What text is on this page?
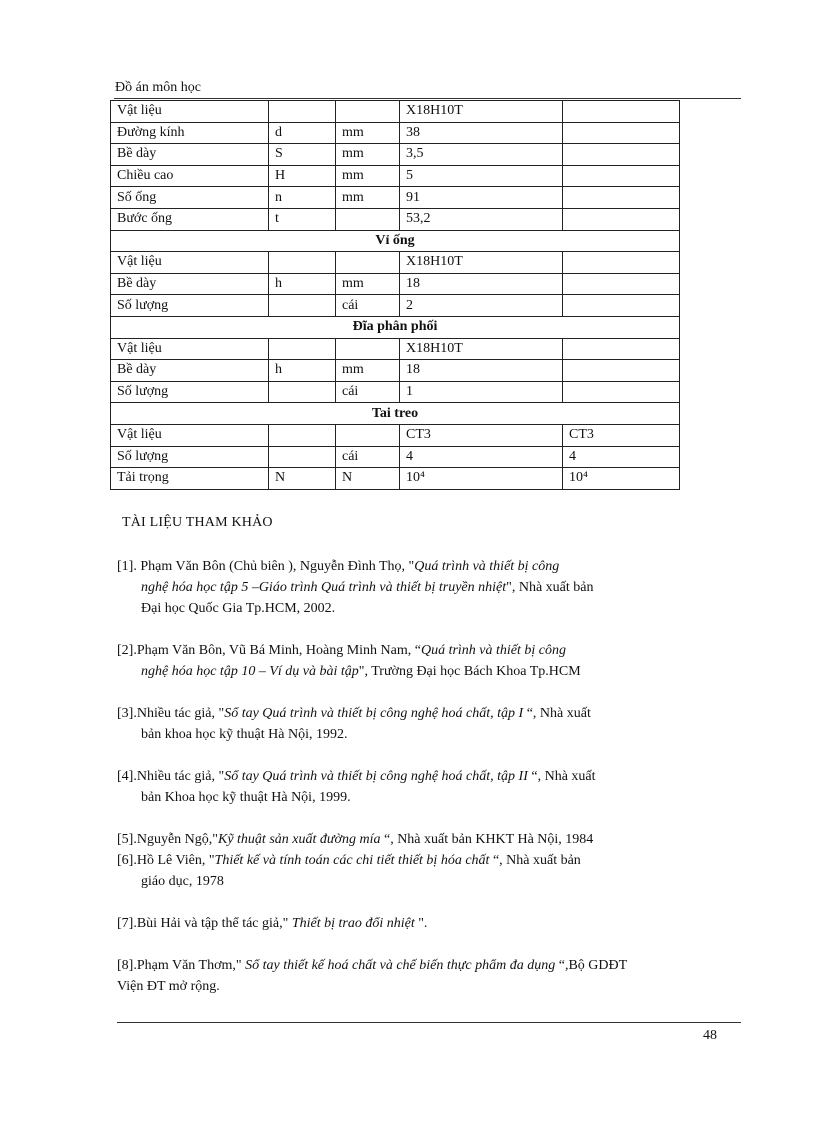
Đồ án môn học
Vật liệu			X18H10T	
Đường kính	d	mm	38	
Bề dày	S	mm	3,5	
Chiều cao	H	mm	5	
Số ống	n	mm	91	
Bước ống	t		53,2	
Vỉ ống				
Vật liệu			X18H10T	
Bề dày	h	mm	18	
Số lượng		cái	2	
Đĩa phân phối				
Vật liệu			X18H10T	
Bề dày	h	mm	18	
Số lượng		cái	1	
Tai treo				
Vật liệu			CT3	CT3
Số lượng		cái	4	4
Tải trọng	N	N	10⁴	10⁴
TÀI LIỆU THAM KHẢO
[1]. Phạm Văn Bôn (Chủ biên ), Nguyễn Đình Thọ, "Quá trình và thiết bị công
nghệ hóa học tập 5 –Giáo trình Quá trình và thiết bị truyền nhiệt", Nhà xuất bản
Đại học Quốc Gia Tp.HCM, 2002.
[2].Phạm Văn Bôn, Vũ Bá Minh, Hoàng Minh Nam, “Quá trình và thiết bị công
nghệ hóa học tập 10 – Ví dụ và bài tập", Trường Đại học Bách Khoa Tp.HCM
[3].Nhiều tác giả, "Sổ tay Quá trình và thiết bị công nghệ hoá chất, tập I “, Nhà xuất
bản khoa học kỹ thuật Hà Nội, 1992.
[4].Nhiều tác giả, "Sổ tay Quá trình và thiết bị công nghệ hoá chất, tập II “, Nhà xuất
bản Khoa học kỹ thuật Hà Nội, 1999.
[5].Nguyễn Ngộ,"Kỹ thuật sản xuất đường mía “, Nhà xuất bản KHKT Hà Nội, 1984
[6].Hồ Lê Viên, "Thiết kế và tính toán các chi tiết thiết bị hóa chất “, Nhà xuất bản
giáo dục, 1978
[7].Bùi Hải và tập thể tác giả," Thiết bị trao đổi nhiệt ".
[8].Phạm Văn Thơm," Sổ tay thiết kế hoá chất và chế biến thực phẩm đa dụng “,Bộ GDĐT
Viện ĐT mở rộng.
48
